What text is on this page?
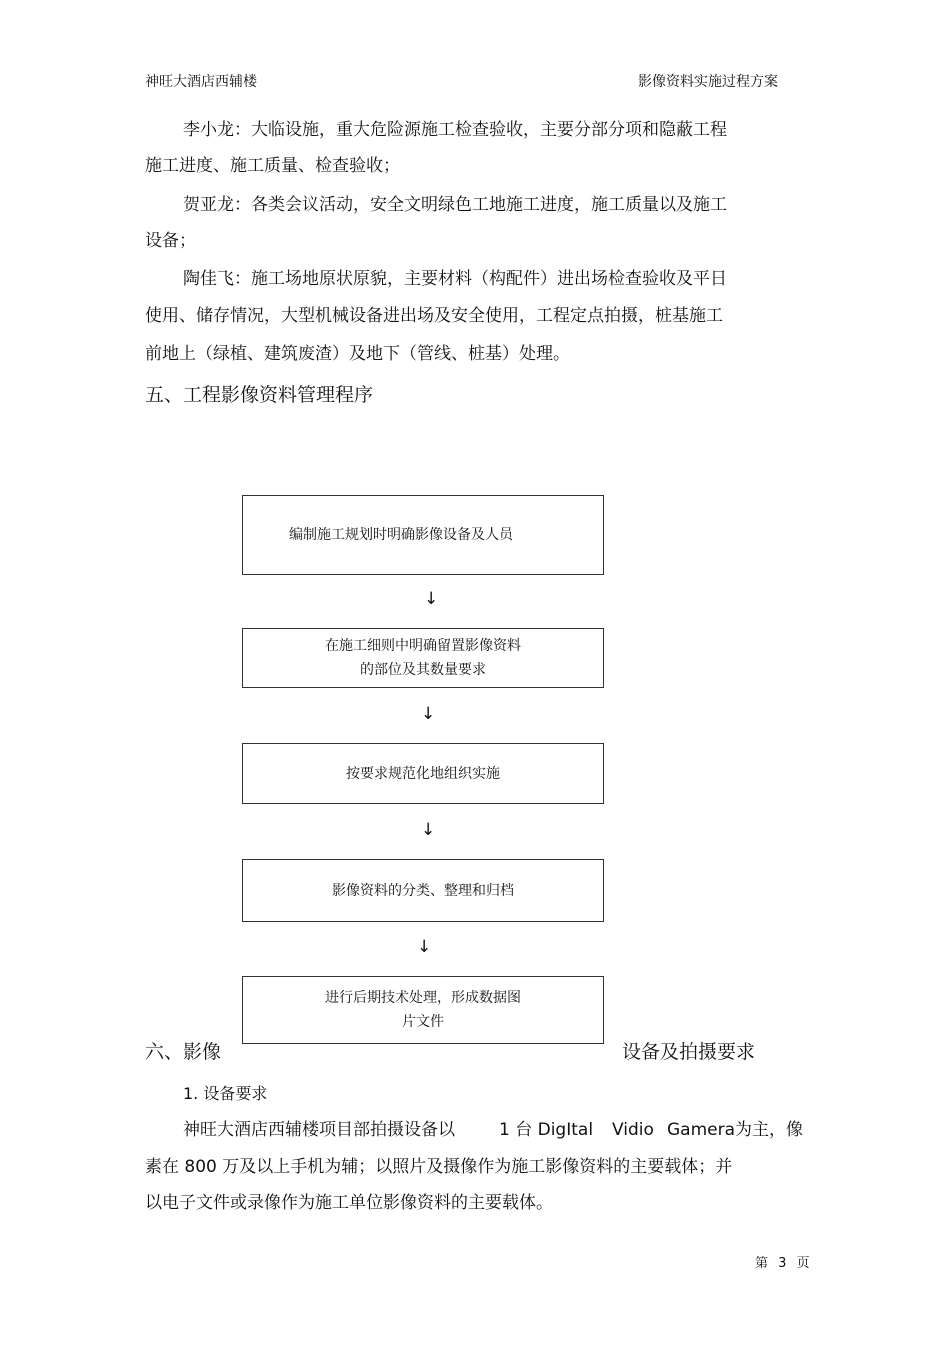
神旺大酒店西辅楼	影像资料实施过程方案
李小龙：大临设施，重大危险源施工检查验收，主要分部分项和隐蔽工程
施工进度、施工质量、检查验收；
贺亚龙：各类会议活动，安全文明绿色工地施工进度，施工质量以及施工
设备；
陶佳飞：施工场地原状原貌，主要材料（构配件）进出场检查验收及平日
使用、储存情况，大型机械设备进出场及安全使用，工程定点拍摄，桩基施工
前地上（绿植、建筑废渣）及地下（管线、桩基）处理。
五、工程影像资料管理程序
编制施工规划时明确影像设备及人员
↓
在施工细则中明确留置影像资料
的部位及其数量要求
↓
按要求规范化地组织实施
↓
影像资料的分类、整理和归档
↓
进行后期技术处理，形成数据图
片文件
六、影像	设备及拍摄要求
1. 设备要求
神旺大酒店西辅楼项目部拍摄设备以	1 台 DigItal Vidio Gamera为主，像
素在 800 万及以上手机为辅；以照片及摄像作为施工影像资料的主要载体；并
以电子文件或录像作为施工单位影像资料的主要载体。
第 3 页
